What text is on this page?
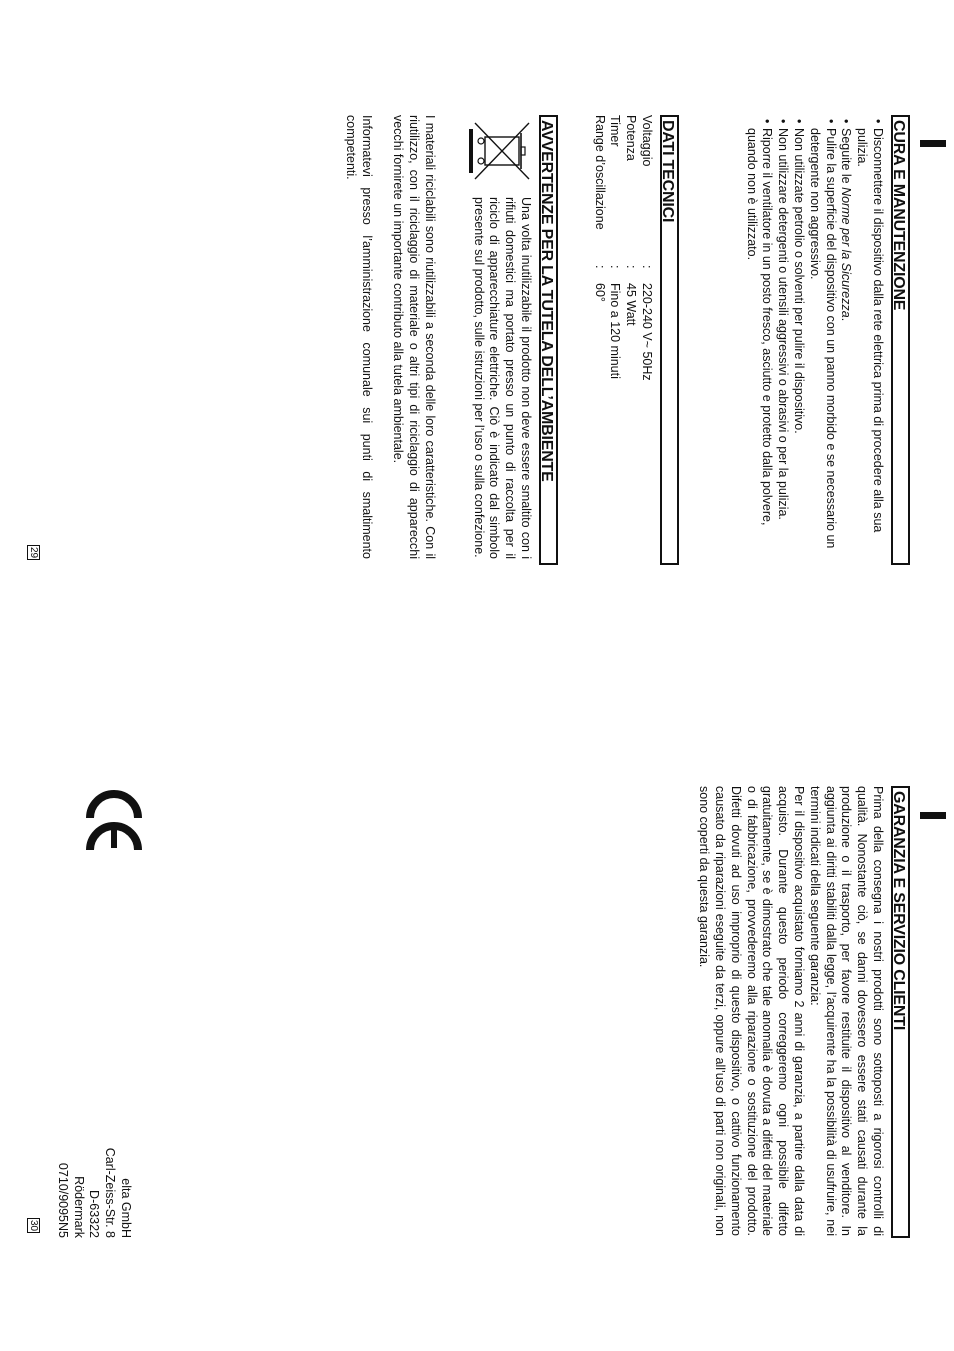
CURA E MANUTENZIONE
• Disconnettere il dispositivo dalla rete elettrica prima di procedere alla sua pulizia.
• Seguite le Norme per la Sicurezza.
• Pulire la superficie del dispositivo con un panno morbido e se necessario un detergente non aggressivo.
• Non utilizzate petrolio o solventi per pulire il dispositivo.
• Non utilizzare detergenti o utensili aggressivi o abrasivi o per la pulizia.
• Riporre il ventilatore in un posto fresco, asciutto e protetto dalla polvere, quando non è utilizzato.
DATI TECNICI
Voltaggio
:
220-240 V~ 50Hz
Potenza
:
45 Watt
Timer
:
Fino a 120 minuti
Range d’oscillazione
:
60°
AVVERTENZE PER LA TUTELA DELL’AMBIENTE
Una volta inutilizzabile il prodotto non deve essere smaltito con i rifiuti domestici ma portato presso un punto di raccolta per il riciclo di apparecchiature elettriche. Ciò è indicato dal simbolo presente sul prodotto, sulle istruzioni per l’uso o sulla confezione.

I materiali riciclabili sono riutilizzabili a seconda delle loro caratteristiche. Con il riutilizzo, con il riciclaggio di materiale o altri tipi di riciclaggio di apparecchi vecchi fornirete un importante contributo alla tutela ambientale.

Informatevi presso l’amministrazione comunale sui punti di smaltimento competenti.

29
GARANZIA E SERVIZIO CLIENTI

Prima della consegna i nostri prodotti sono sottoposti a rigorosi controlli di qualità. Nonostante ciò, se danni dovessero essere stati causati durante la produzione o il trasporto, per favore restituite il dispositivo al venditore. In aggiunta ai diritti stabiliti dalla legge, l’acquirente ha la possibilità di usufruire, nei termini indicati della seguente garanzia:

Per il dispositivo acquistato forniamo 2 anni di garanzia, a partire dalla data di acquisto. Durante questo periodo correggeremo ogni possibile difetto gratuitamente, se è dimostrato che tale anomalia è dovuta a difetti del materiale o di fabbricazione, provvederemo alla riparazione o sostituzione del prodotto. Difetti dovuti ad uso improprio di questo dispositivo, o cattivo funzionamento causato da riparazioni eseguite da terzi, oppure all’uso di parti non originali, non sono coperti da questa garanzia.

elta GmbH
Carl-Zeiss-Str. 8
D-63322 Rödermark
0710/9095N5
30
